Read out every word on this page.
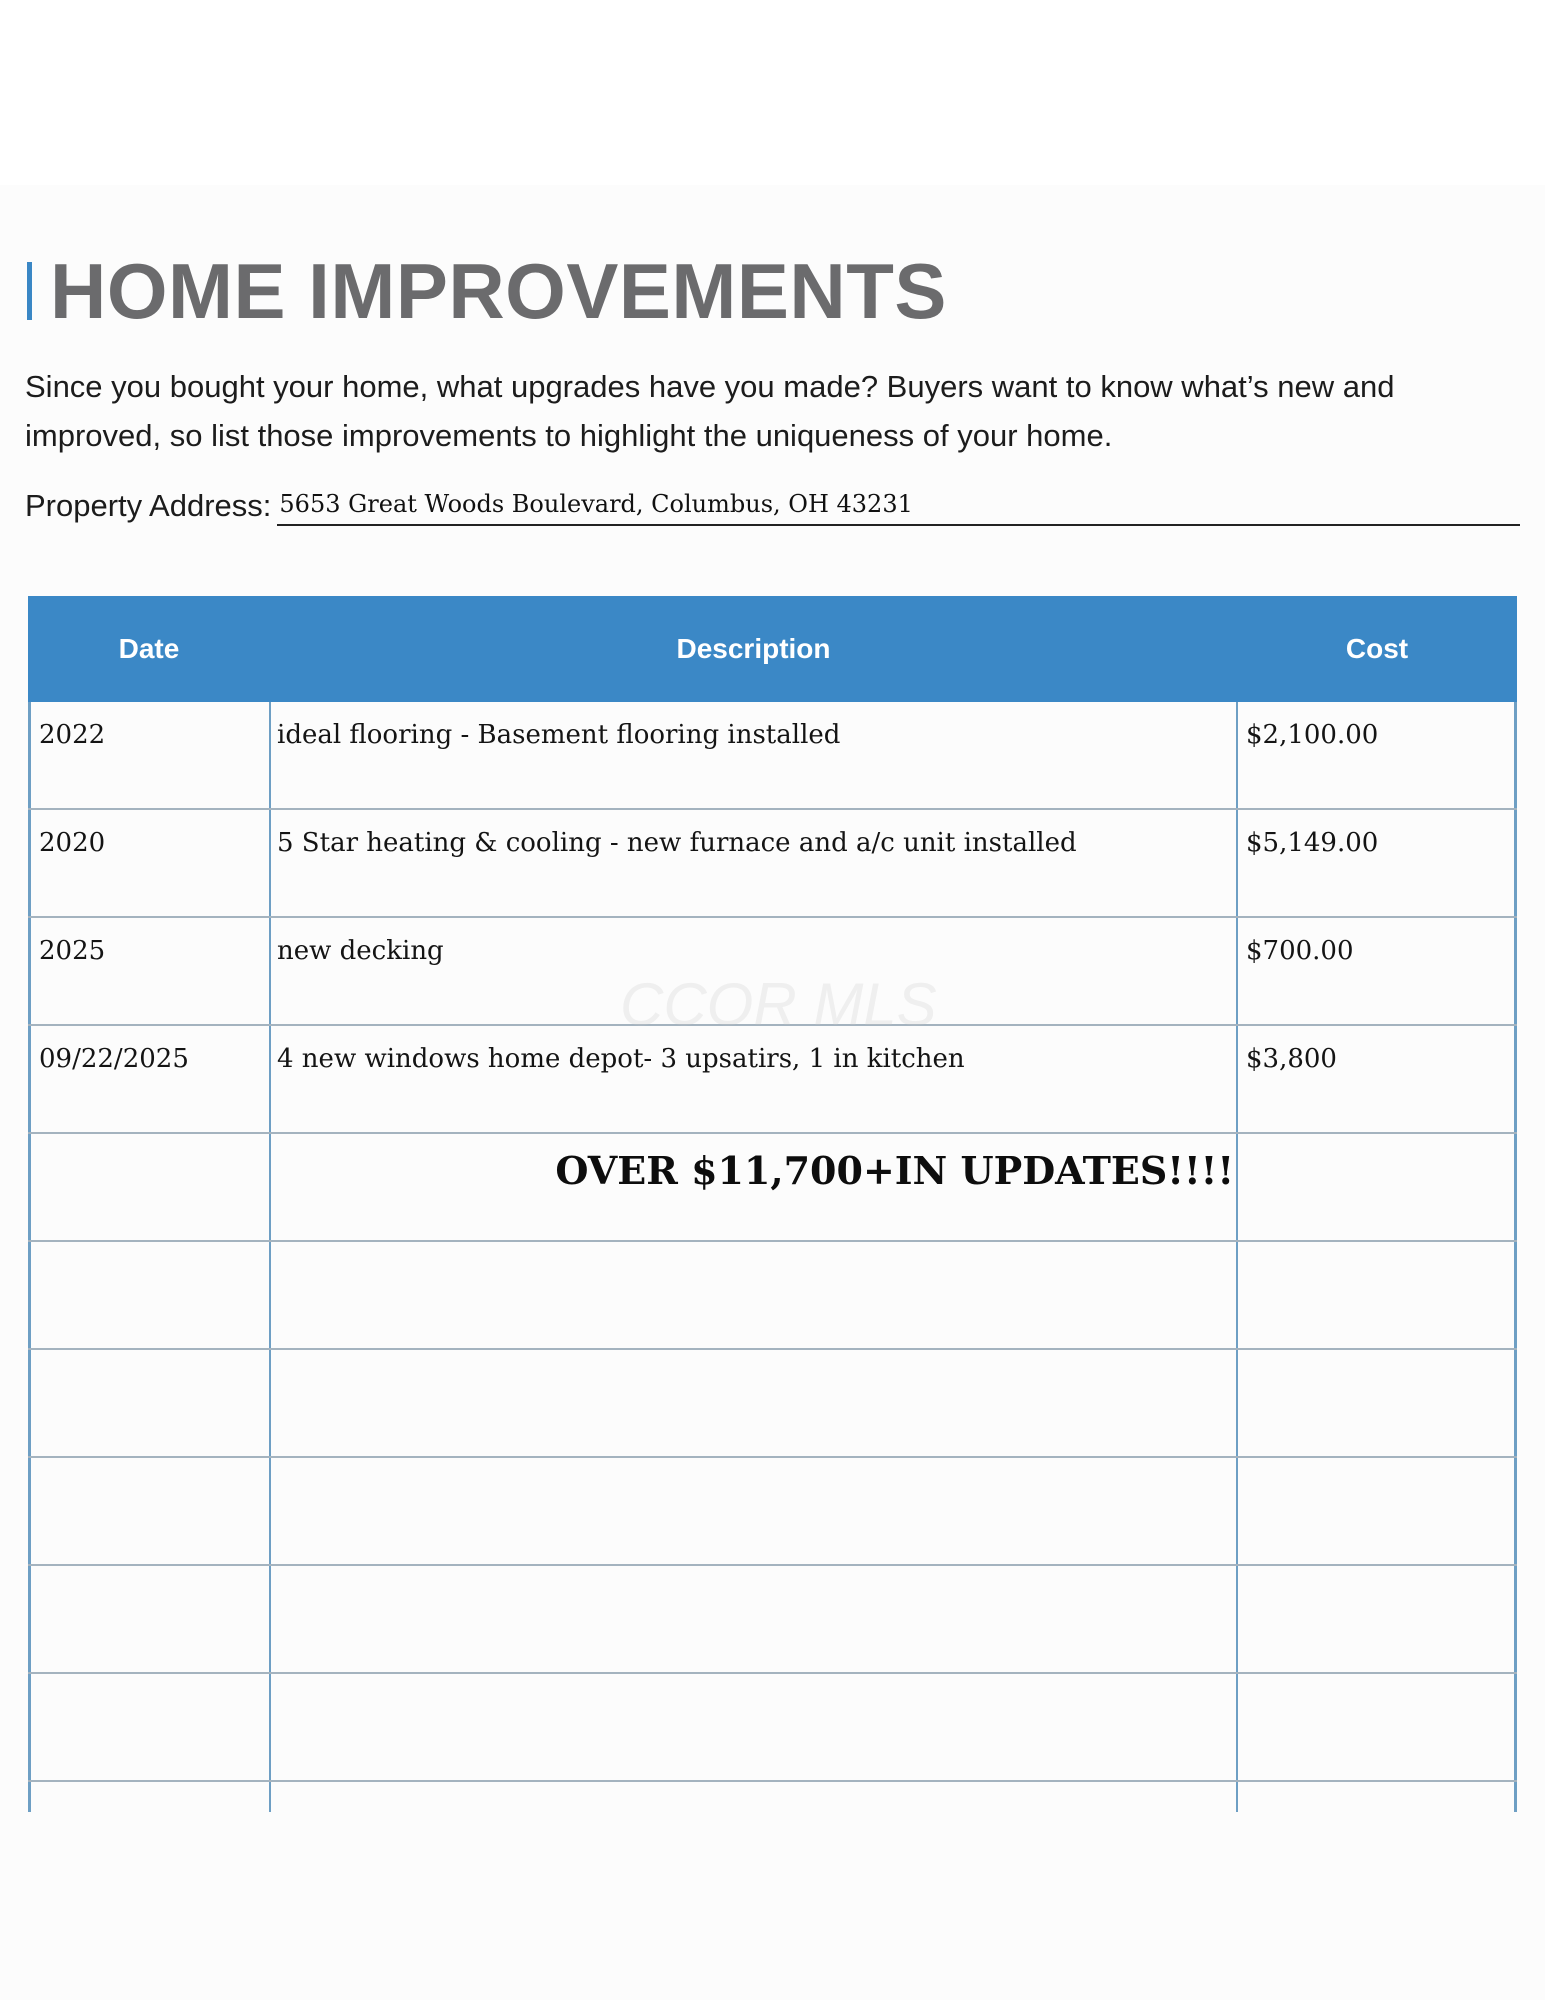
HOME IMPROVEMENTS
Since you bought your home, what upgrades have you made? Buyers want to know what’s new and
improved, so list those improvements to highlight the uniqueness of your home.
Property Address: 5653 Great Woods Boulevard, Columbus, OH 43231
Date	Description	Cost
2022	ideal flooring - Basement flooring installed	$2,100.00
2020	5 Star heating & cooling - new furnace and a/c unit installed	$5,149.00
2025	new decking	$700.00
09/22/2025	4 new windows home depot- 3 upsatirs, 1 in kitchen	$3,800
OVER $11,700+IN UPDATES!!!!
CCOR MLS
